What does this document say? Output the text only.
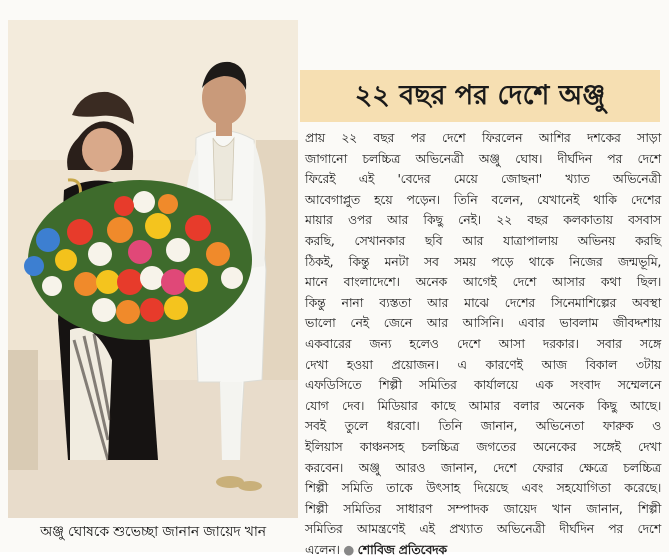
অঞ্জু ঘোষকে শুভেচ্ছা জানান জায়েদ খান
২২ বছর পর দেশে অঞ্জু
প্রায় ২২ বছর পর দেশে ফিরলেন আশির দশকের সাড়া
জাগানো চলচ্চিত্র অভিনেত্রী অঞ্জু ঘোষ। দীর্ঘদিন পর দেশে
ফিরেই এই 'বেদের মেয়ে জোছনা' খ্যাত অভিনেত্রী
আবেগাপ্লুত হয়ে পড়েন। তিনি বলেন, যেখানেই থাকি দেশের
মায়ার ওপর আর কিছু নেই। ২২ বছর কলকাতায় বসবাস
করছি, সেখানকার ছবি আর যাত্রাপালায় অভিনয় করছি
ঠিকই, কিন্তু মনটা সব সময় পড়ে থাকে নিজের জন্মভূমি,
মানে বাংলাদেশে। অনেক আগেই দেশে আসার কথা ছিল।
কিন্তু নানা ব্যস্ততা আর মাঝে দেশের সিনেমাশিল্পের অবস্থা
ভালো নেই জেনে আর আসিনি। এবার ভাবলাম জীবদ্দশায়
একবারের জন্য হলেও দেশে আসা দরকার। সবার সঙ্গে
দেখা হওয়া প্রয়োজন। এ কারণেই আজ বিকাল ৩টায়
এফডিসিতে শিল্পী সমিতির কার্যালয়ে এক সংবাদ সম্মেলনে
যোগ দেব। মিডিয়ার কাছে আমার বলার অনেক কিছু আছে।
সবই তুলে ধরবো। তিনি জানান, অভিনেতা ফারুক ও
ইলিয়াস কাঞ্চনসহ চলচ্চিত্র জগতের অনেকের সঙ্গেই দেখা
করবেন। অঞ্জু আরও জানান, দেশে ফেরার ক্ষেত্রে চলচ্চিত্র
শিল্পী সমিতি তাকে উৎসাহ দিয়েছে এবং সহযোগিতা করেছে।
শিল্পী সমিতির সাধারণ সম্পাদক জায়েদ খান জানান, শিল্পী
সমিতির আমন্ত্রণেই এই প্রখ্যাত অভিনেত্রী দীর্ঘদিন পর দেশে
এলেন। ● শোবিজ প্রতিবেদক
